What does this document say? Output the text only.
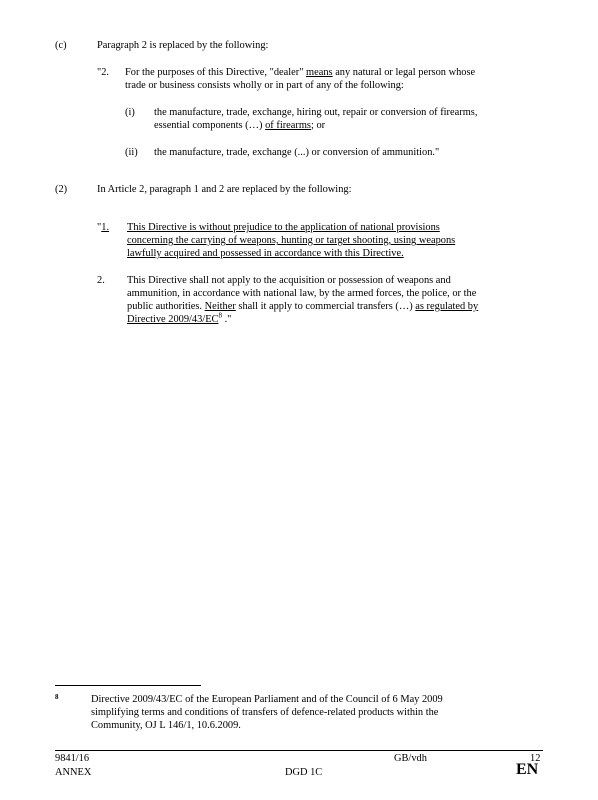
(c)	Paragraph 2 is replaced by the following:

"2. For the purposes of this Directive, "dealer" means any natural or legal person whose

trade or business consists wholly or in part of any of the following:

(i) the manufacture, trade, exchange, hiring out, repair or conversion of firearms,

essential components (…) of firearms; or

(ii) the manufacture, trade, exchange (...) or conversion of ammunition."

(2)	In Article 2, paragraph 1 and 2 are replaced by the following:

"1. This Directive is without prejudice to the application of national provisions

concerning the carrying of weapons, hunting or target shooting, using weapons

lawfully acquired and possessed in accordance with this Directive.

2. This Directive shall not apply to the acquisition or possession of weapons and

ammunition, in accordance with national law, by the armed forces, the police, or the

public authorities. Neither shall it apply to commercial transfers (…) as regulated by

Directive $2009/43/EC^8$ ."

8	Directive 2009/43/EC of the European Parliament and of the Council of 6 May 2009

simplifying terms and conditions of transfers of defence-related products within the

Community, OJ L 146/1, 10.6.2009.

9841/16
ANNEX
GB/vdh
DGD 1C
12
EN
